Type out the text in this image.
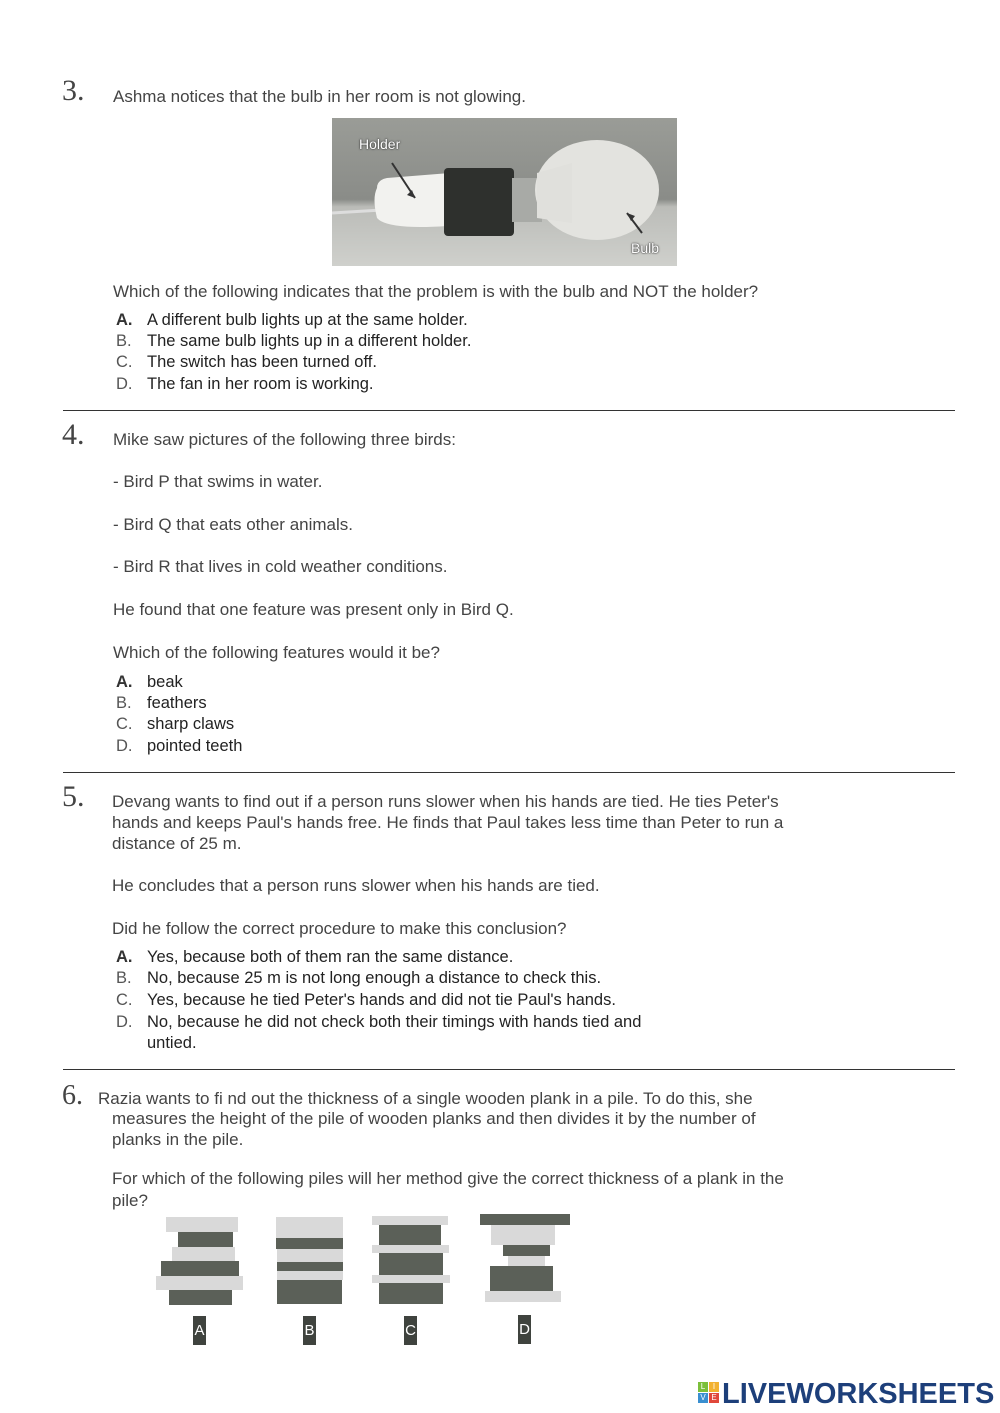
3. Ashma notices that the bulb in her room is not glowing.
Holder
Bulb
Which of the following indicates that the problem is with the bulb and NOT the holder?
A. A different bulb lights up at the same holder.
B. The same bulb lights up in a different holder.
C. The switch has been turned off.
D. The fan in her room is working.
4. Mike saw pictures of the following three birds:
- Bird P that swims in water.
- Bird Q that eats other animals.
- Bird R that lives in cold weather conditions.
He found that one feature was present only in Bird Q.
Which of the following features would it be?
A. beak
B. feathers
C. sharp claws
D. pointed teeth
5. Devang wants to find out if a person runs slower when his hands are tied. He ties Peter's
hands and keeps Paul's hands free. He finds that Paul takes less time than Peter to run a
distance of 25 m.
He concludes that a person runs slower when his hands are tied.
Did he follow the correct procedure to make this conclusion?
A. Yes, because both of them ran the same distance.
B. No, because 25 m is not long enough a distance to check this.
C. Yes, because he tied Peter's hands and did not tie Paul's hands.
D. No, because he did not check both their timings with hands tied and
untied.
6. Razia wants to fi nd out the thickness of a single wooden plank in a pile. To do this, she
measures the height of the pile of wooden planks and then divides it by the number of
planks in the pile.
For which of the following piles will her method give the correct thickness of a plank in the
pile?
A	B	C	D
L I
V E LIVEWORKSHEETS
